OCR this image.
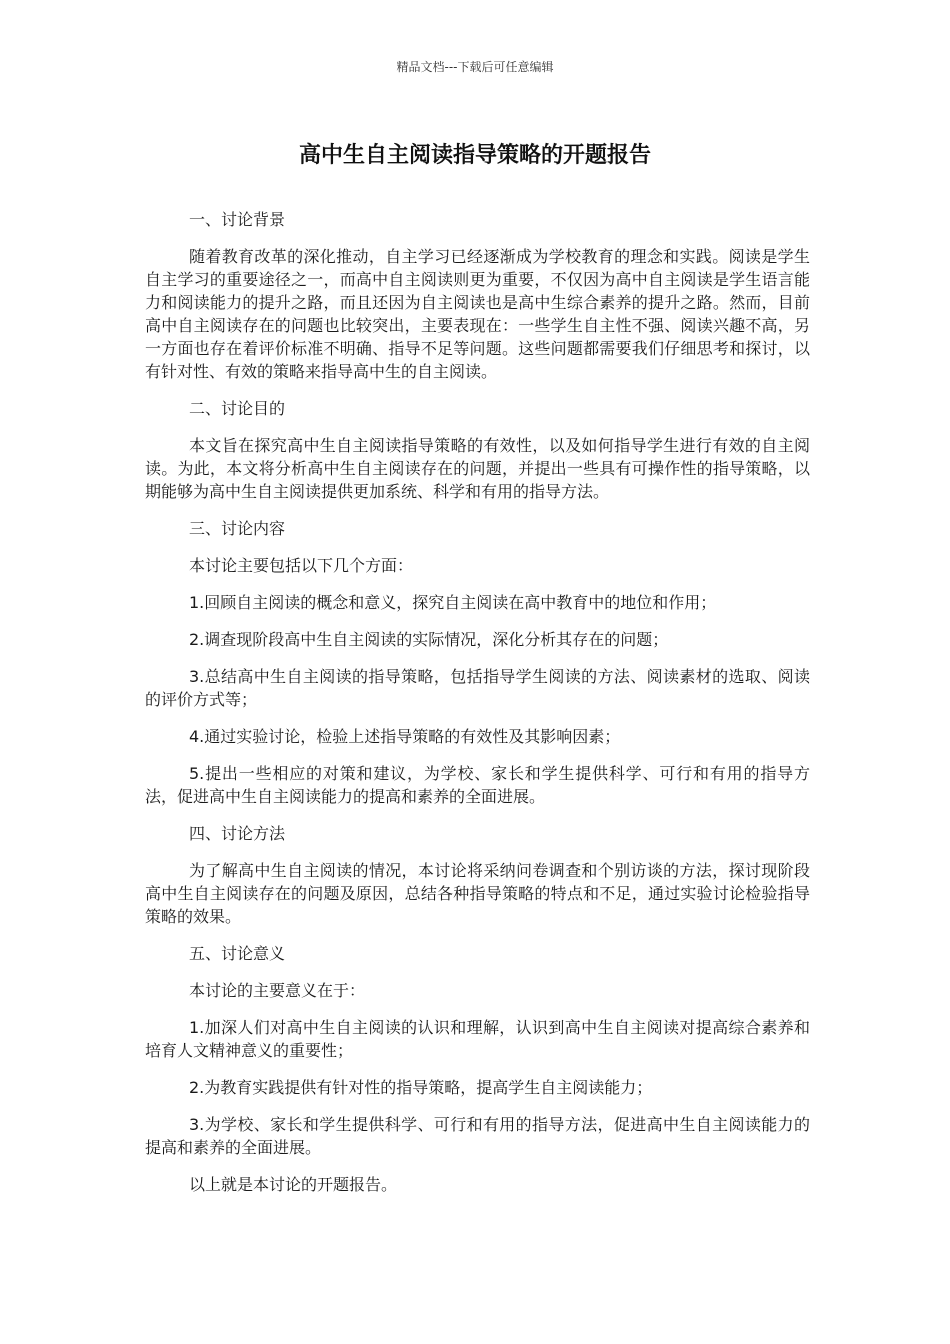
精品文档---下载后可任意编辑
高中生自主阅读指导策略的开题报告

一、讨论背景

随着教育改革的深化推动，自主学习已经逐渐成为学校教育的理念和实践。阅读是学生自主学习的重要途径之一，而高中自主阅读则更为重要，不仅因为高中自主阅读是学生语言能力和阅读能力的提升之路，而且还因为自主阅读也是高中生综合素养的提升之路。然而，目前高中自主阅读存在的问题也比较突出，主要表现在：一些学生自主性不强、阅读兴趣不高，另一方面也存在着评价标准不明确、指导不足等问题。这些问题都需要我们仔细思考和探讨，以有针对性、有效的策略来指导高中生的自主阅读。

二、讨论目的

本文旨在探究高中生自主阅读指导策略的有效性，以及如何指导学生进行有效的自主阅读。为此，本文将分析高中生自主阅读存在的问题，并提出一些具有可操作性的指导策略，以期能够为高中生自主阅读提供更加系统、科学和有用的指导方法。

三、讨论内容

本讨论主要包括以下几个方面：

1.回顾自主阅读的概念和意义，探究自主阅读在高中教育中的地位和作用；

2.调查现阶段高中生自主阅读的实际情况，深化分析其存在的问题；

3.总结高中生自主阅读的指导策略，包括指导学生阅读的方法、阅读素材的选取、阅读的评价方式等；

4.通过实验讨论，检验上述指导策略的有效性及其影响因素；

5.提出一些相应的对策和建议，为学校、家长和学生提供科学、可行和有用的指导方法，促进高中生自主阅读能力的提高和素养的全面进展。

四、讨论方法

为了解高中生自主阅读的情况，本讨论将采纳问卷调查和个别访谈的方法，探讨现阶段高中生自主阅读存在的问题及原因，总结各种指导策略的特点和不足，通过实验讨论检验指导策略的效果。

五、讨论意义

本讨论的主要意义在于：

1.加深人们对高中生自主阅读的认识和理解，认识到高中生自主阅读对提高综合素养和培育人文精神意义的重要性；

2.为教育实践提供有针对性的指导策略，提高学生自主阅读能力；

3.为学校、家长和学生提供科学、可行和有用的指导方法，促进高中生自主阅读能力的提高和素养的全面进展。

以上就是本讨论的开题报告。
